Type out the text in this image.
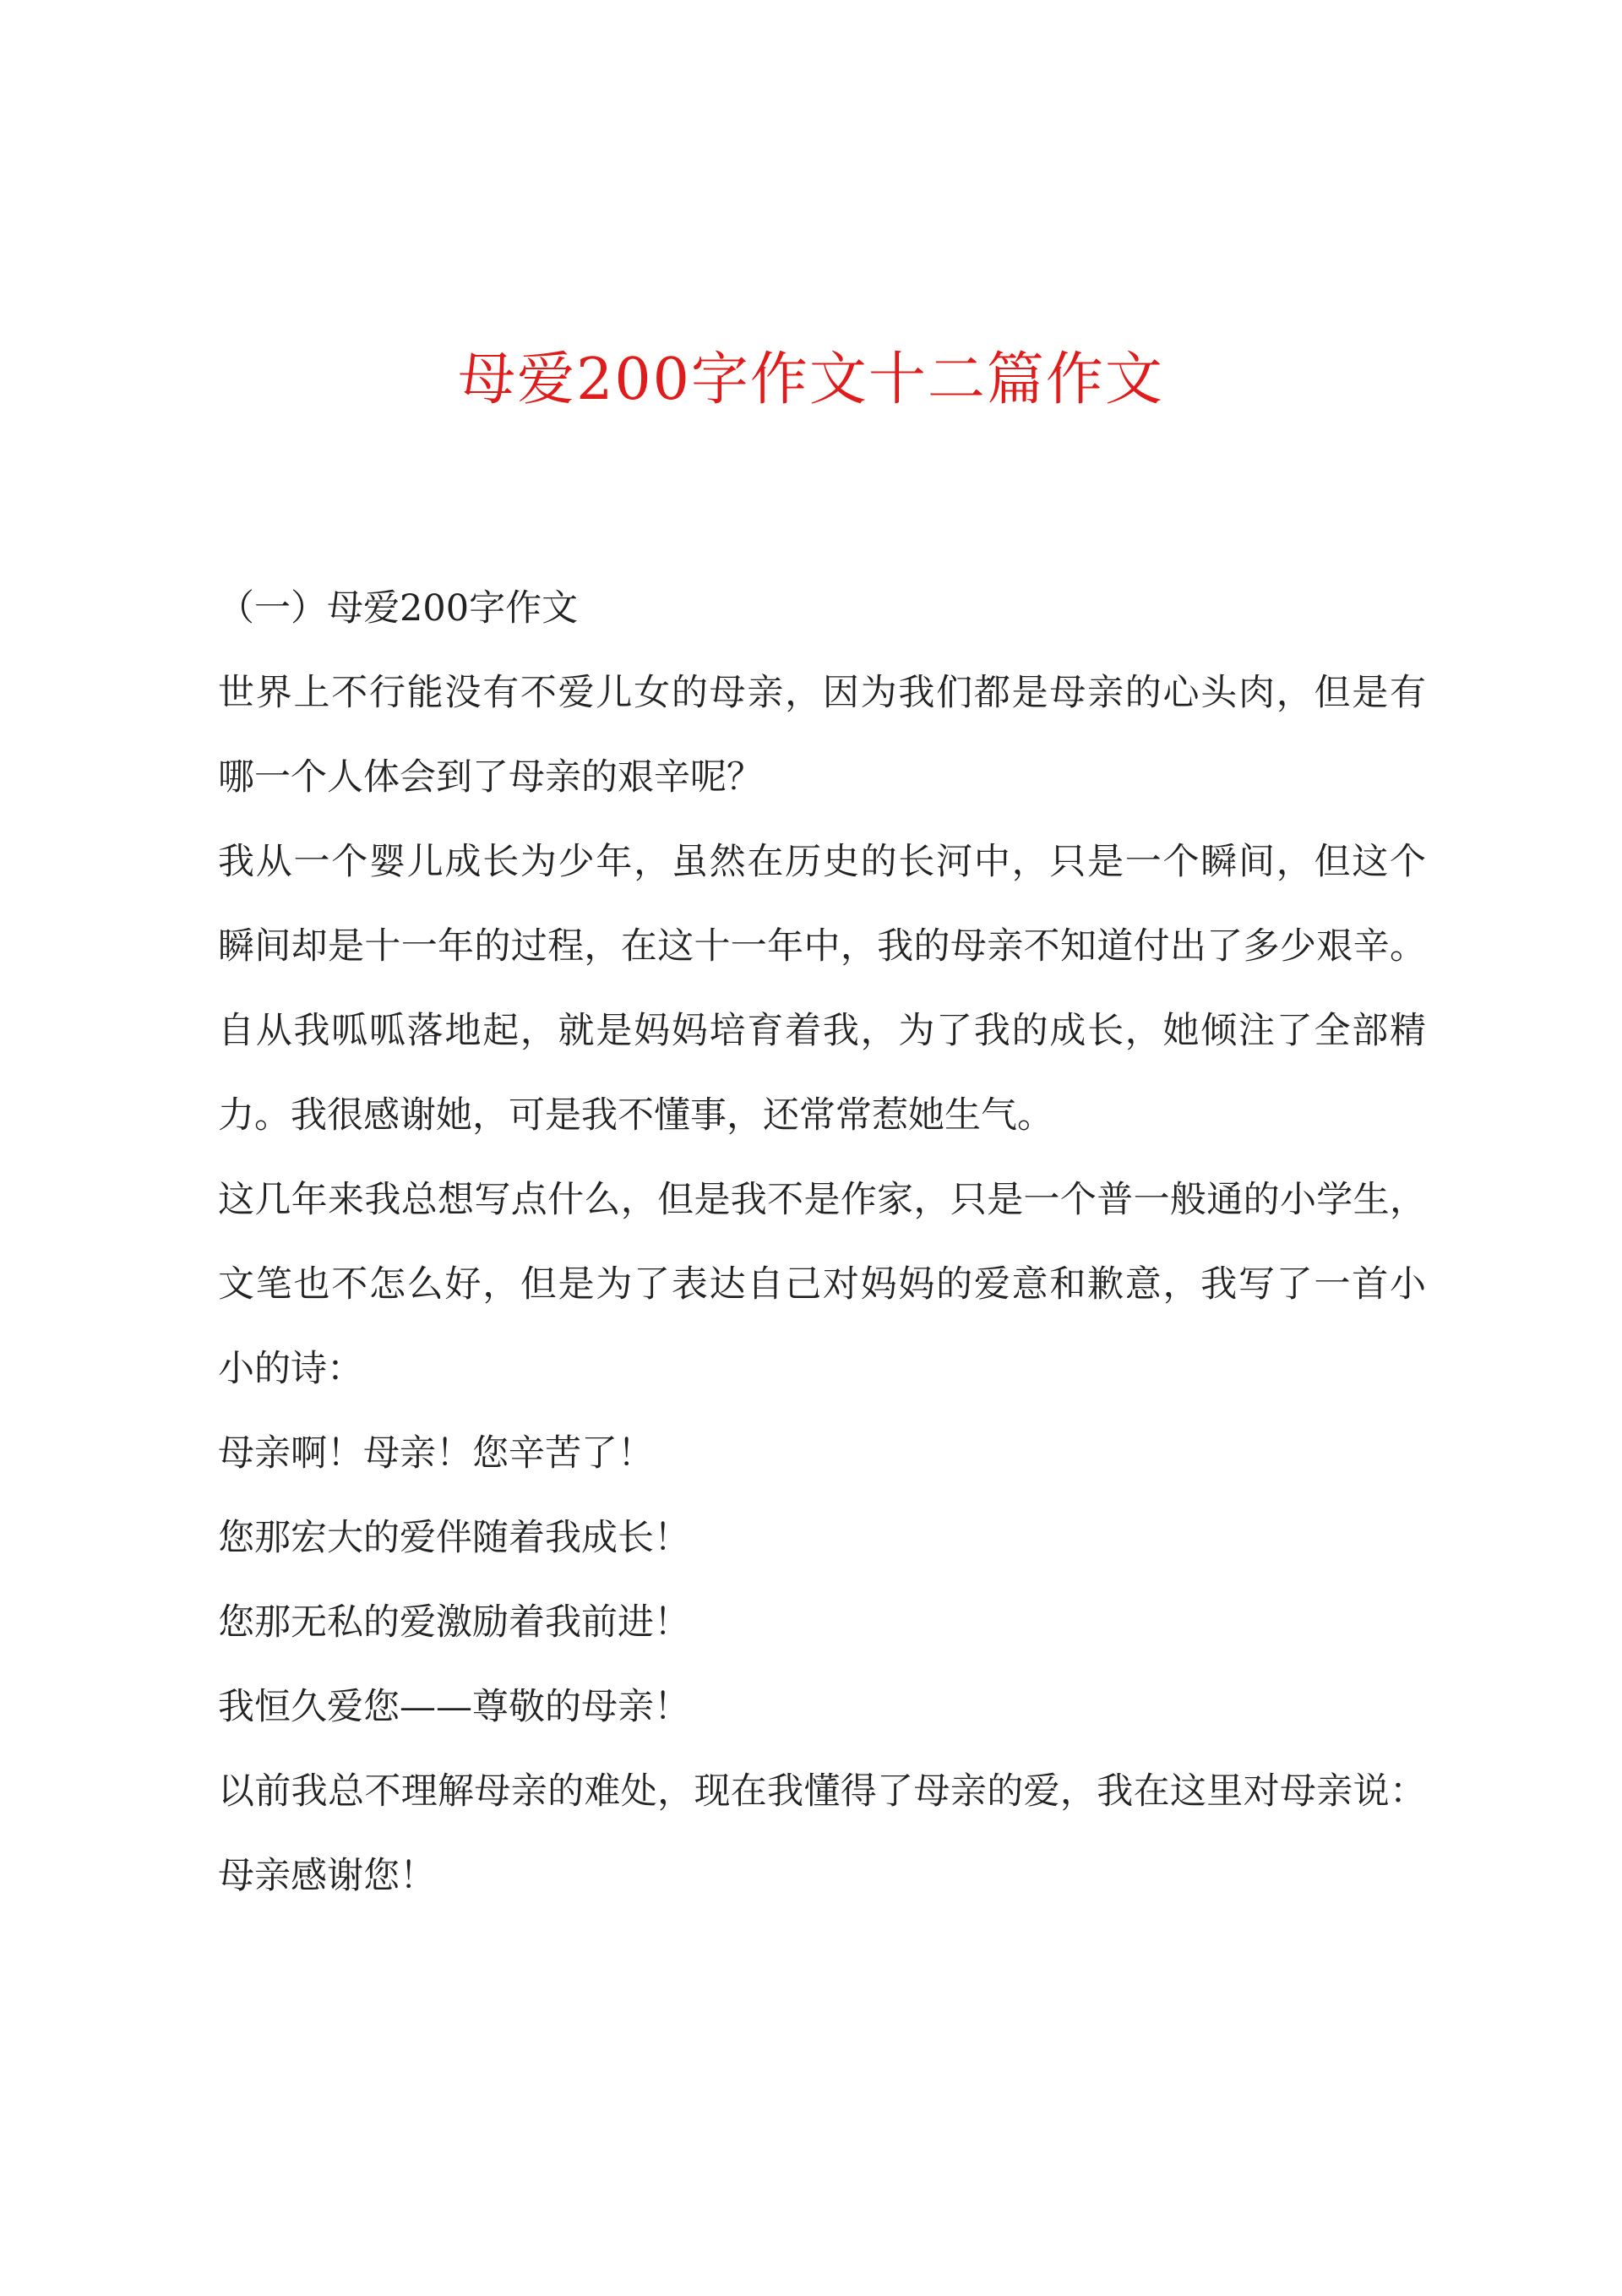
母爱200字作文十二篇作文
（一）母爱200字作文
世界上不行能没有不爱儿女的母亲，因为我们都是母亲的心头肉，但是有
哪一个人体会到了母亲的艰辛呢？
我从一个婴儿成长为少年，虽然在历史的长河中，只是一个瞬间，但这个
瞬间却是十一年的过程，在这十一年中，我的母亲不知道付出了多少艰辛。
自从我呱呱落地起，就是妈妈培育着我，为了我的成长，她倾注了全部精
力。我很感谢她，可是我不懂事，还常常惹她生气。
这几年来我总想写点什么，但是我不是作家，只是一个普一般通的小学生，
文笔也不怎么好，但是为了表达自己对妈妈的爱意和歉意，我写了一首小
小的诗：
母亲啊！母亲！您辛苦了！
您那宏大的爱伴随着我成长！
您那无私的爱激励着我前进！
我恒久爱您——尊敬的母亲！
以前我总不理解母亲的难处，现在我懂得了母亲的爱，我在这里对母亲说：
母亲感谢您！
